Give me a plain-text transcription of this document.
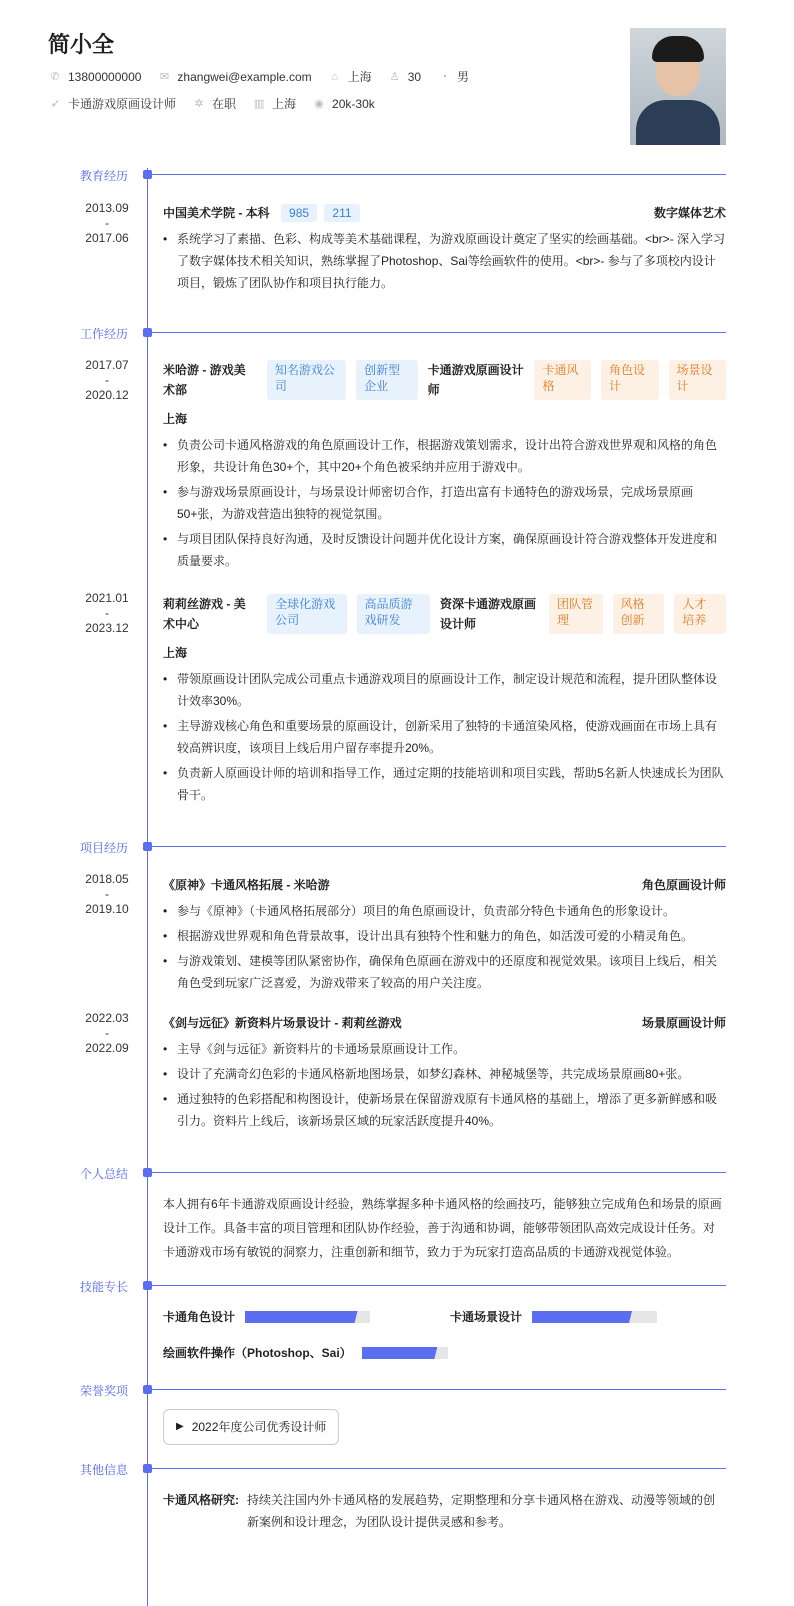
简小全
✆ 13800000000 ✉ zhangwei@example.com	⌂ 上海 ♙ 30	◔ 男
➶ 卡通游戏原画设计师 ✲ 在职 ▥ 上海 ◉ 20k-30k
教育经历
2013.09
-
2017.06
中国美术学院 - 本科 985 211	数字媒体艺术
• 系统学习了素描、色彩、构成等美术基础课程，为游戏原画设计奠定了坚实的绘画基础。<br>- 深入学习了数字媒体技术相关知识，熟练掌握了Photoshop、Sai等绘画软件的使用。<br>- 参与了多项校内设计项目，锻炼了团队协作和项目执行能力。
工作经历
2017.07
-
2020.12
米哈游 - 游戏美术部
知名游戏公司
创新型企业
卡通游戏原画设计师
卡通风格
角色设计
场景设计
上海
• 负责公司卡通风格游戏的角色原画设计工作，根据游戏策划需求，设计出符合游戏世界观和风格的角色形象，共设计角色30+个，其中20+个角色被采纳并应用于游戏中。
• 参与游戏场景原画设计，与场景设计师密切合作，打造出富有卡通特色的游戏场景，完成场景原画50+张，为游戏营造出独特的视觉氛围。
• 与项目团队保持良好沟通，及时反馈设计问题并优化设计方案，确保原画设计符合游戏整体开发进度和质量要求。
2021.01
-
2023.12
莉莉丝游戏 - 美术中心
全球化游戏公司
高品质游戏研发
资深卡通游戏原画设计师
团队管理
风格创新
人才培养
上海
• 带领原画设计团队完成公司重点卡通游戏项目的原画设计工作，制定设计规范和流程，提升团队整体设计效率30%。
• 主导游戏核心角色和重要场景的原画设计，创新采用了独特的卡通渲染风格，使游戏画面在市场上具有较高辨识度，该项目上线后用户留存率提升20%。
• 负责新人原画设计师的培训和指导工作，通过定期的技能培训和项目实践，帮助5名新人快速成长为团队骨干。
项目经历
2018.05
-
2019.10
《原神》卡通风格拓展 - 米哈游	角色原画设计师
• 参与《原神》（卡通风格拓展部分）项目的角色原画设计，负责部分特色卡通角色的形象设计。
• 根据游戏世界观和角色背景故事，设计出具有独特个性和魅力的角色，如活泼可爱的小精灵角色。
• 与游戏策划、建模等团队紧密协作，确保角色原画在游戏中的还原度和视觉效果。该项目上线后，相关角色受到玩家广泛喜爱，为游戏带来了较高的用户关注度。
2022.03
-
2022.09
《剑与远征》新资料片场景设计 - 莉莉丝游戏	场景原画设计师
• 主导《剑与远征》新资料片的卡通场景原画设计工作。
• 设计了充满奇幻色彩的卡通风格新地图场景，如梦幻森林、神秘城堡等，共完成场景原画80+张。
• 通过独特的色彩搭配和构图设计，使新场景在保留游戏原有卡通风格的基础上，增添了更多新鲜感和吸引力。资料片上线后，该新场景区域的玩家活跃度提升40%。
个人总结
本人拥有6年卡通游戏原画设计经验，熟练掌握多种卡通风格的绘画技巧，能够独立完成角色和场景的原画设计工作。具备丰富的项目管理和团队协作经验，善于沟通和协调，能够带领团队高效完成设计任务。对卡通游戏市场有敏锐的洞察力，注重创新和细节，致力于为玩家打造高品质的卡通游戏视觉体验。
技能专长
卡通角色设计	卡通场景设计
绘画软件操作（Photoshop、Sai）
荣誉奖项
▶ 2022年度公司优秀设计师
其他信息
卡通风格研究: 持续关注国内外卡通风格的发展趋势，定期整理和分享卡通风格在游戏、动漫等领域的创新案例和设计理念，为团队设计提供灵感和参考。
